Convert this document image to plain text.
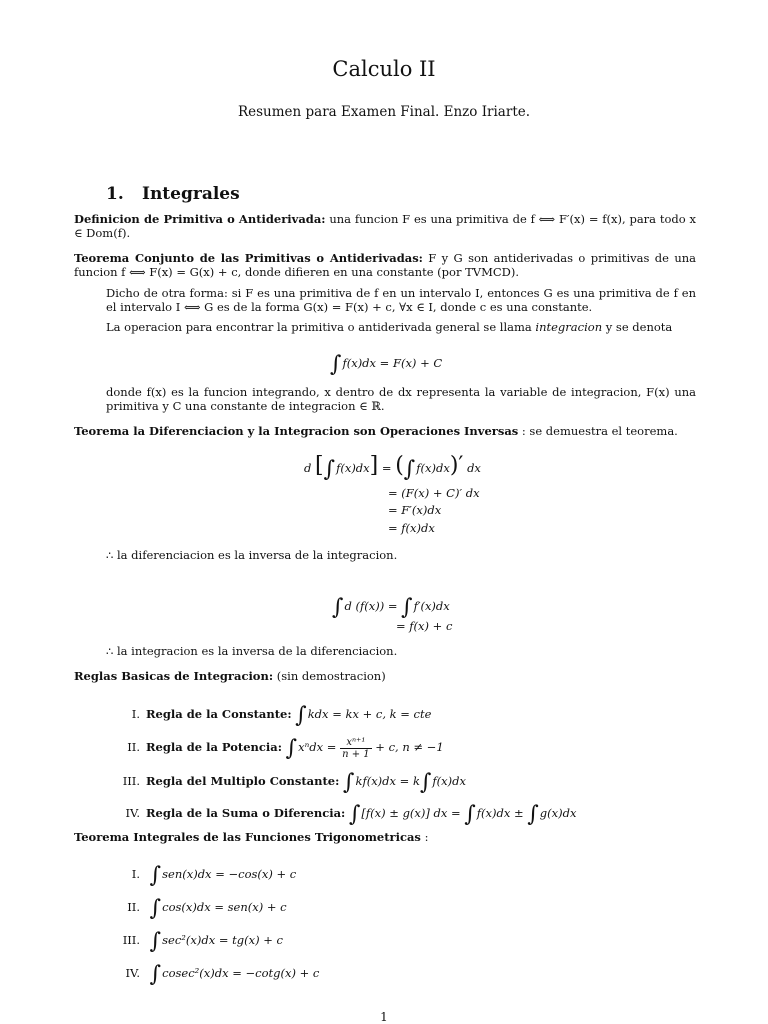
Calculo II
Resumen para Examen Final. Enzo Iriarte.
1. Integrales
Definicion de Primitiva o Antiderivada: una funcion F es una primitiva de f ⟺ F′(x) = f(x), para todo x ∈ Dom(f).
Teorema Conjunto de las Primitivas o Antiderivadas: F y G son antiderivadas o primitivas de una funcion f ⟺ F(x) = G(x) + c, donde difieren en una constante (por TVMCD).
Dicho de otra forma: si F es una primitiva de f en un intervalo I, entonces G es una primitiva de f en el intervalo I ⟺ G es de la forma G(x) = F(x) + c, ∀x ∈ I, donde c es una constante.
La operacion para encontrar la primitiva o antiderivada general se llama integracion y se denota
∫f(x)dx = F(x) + C
donde f(x) es la funcion integrando, x dentro de dx representa la variable de integracion, F(x) una primitiva y C una constante de integracion ∈ ℝ.
Teorema la Diferenciacion y la Integracion son Operaciones Inversas : se demuestra el teorema.
d [∫f(x)dx] = (∫f(x)dx)′ dx
= (F(x) + C)′ dx
= F′(x)dx
= f(x)dx
∴ la diferenciacion es la inversa de la integracion.
∫d (f(x)) = ∫f′(x)dx
= f(x) + c
∴ la integracion es la inversa de la diferenciacion.
Reglas Basicas de Integracion: (sin demostracion)
I. Regla de la Constante: ∫kdx = kx + c, k = cte
II. Regla de la Potencia: $\int x^ndx = \frac{\text{xⁿ⁺¹}}{n + 1} + c$, n ≠ −1
III. Regla del Multiplo Constante: ∫kf(x)dx = k∫f(x)dx
IV. Regla de la Suma o Diferencia: ∫[f(x) ± g(x)] dx = ∫f(x)dx ± ∫g(x)dx
Teorema Integrales de las Funciones Trigonometricas :
I. ∫sen(x)dx = −cos(x) + c
II. ∫cos(x)dx = sen(x) + c
III. ∫sec²(x)dx = tg(x) + c
IV. ∫cosec²(x)dx = −cotg(x) + c
1
